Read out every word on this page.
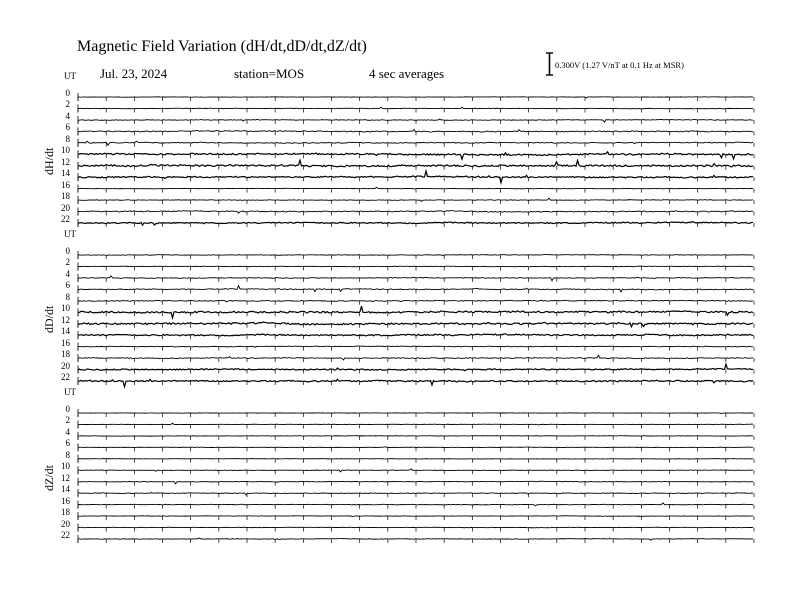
Magnetic Field Variation (dH/dt,dD/dt,dZ/dt)
Jul. 23, 2024	station=MOS	4 sec averages
0.300V (1.27 V/nT at 0.1 Hz at MSR)
UT
dH/dt
0
2
4
6
8
10
12
14
16
18
20
22
UT
dD/dt
0
2
4
6
8
10
12
14
16
18
20
22
UT
dZ/dt
0
2
4
6
8
10
12
14
16
18
20
22
